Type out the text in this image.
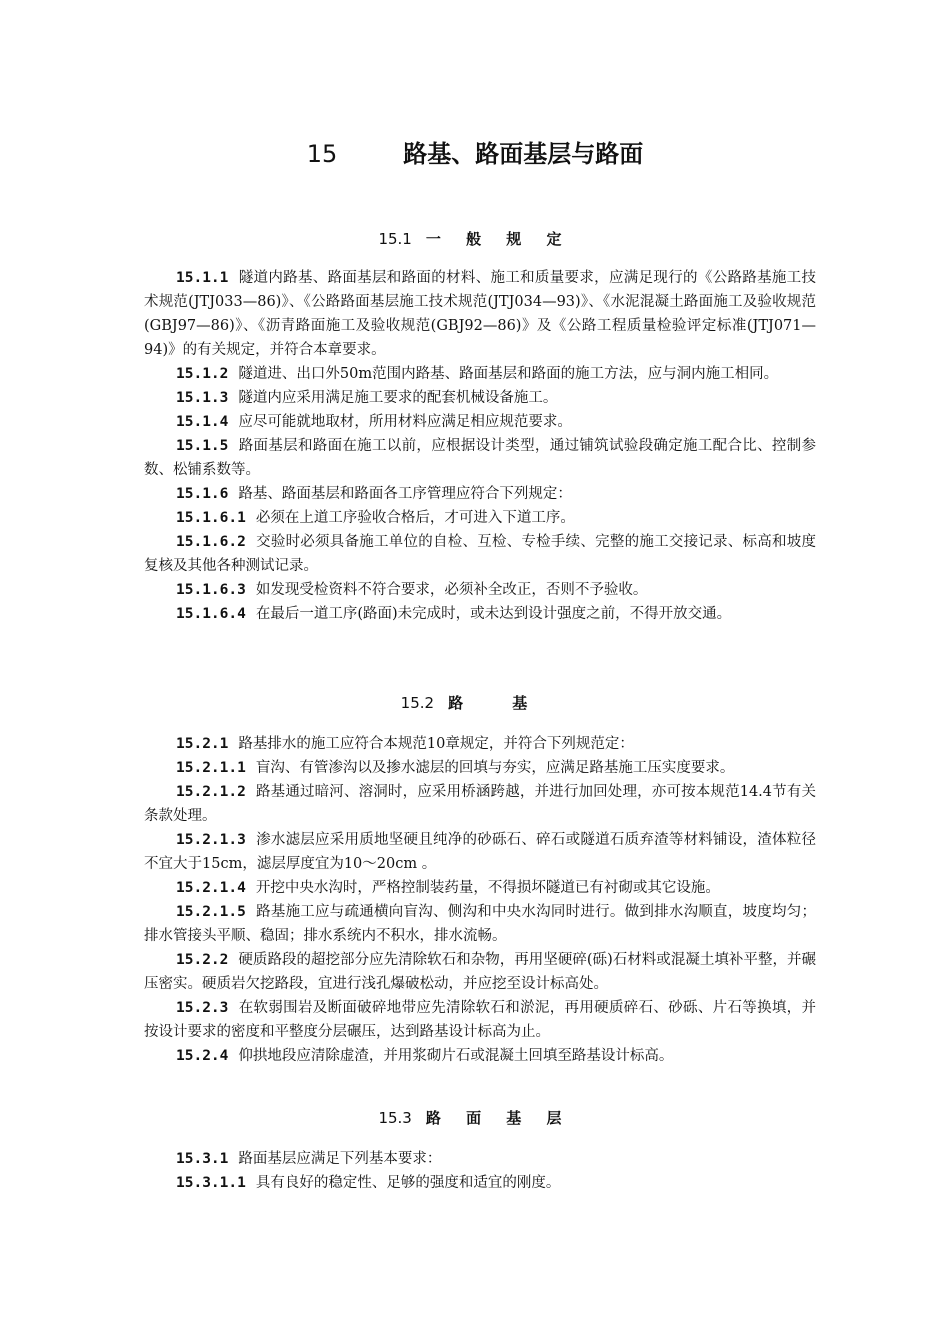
15	路基、路面基层与路面
15.1 一 般 规 定

15.1.1 隧道内路基、路面基层和路面的材料、施工和质量要求，应满足现行的《公路路基施工技术规范(JTJ033—86)》、《公路路面基层施工技术规范(JTJ034—93)》、《水泥混凝土路面施工及验收规范(GBJ97—86)》、《沥青路面施工及验收规范(GBJ92—86)》及《公路工程质量检验评定标准(JTJ071—94)》的有关规定，并符合本章要求。

15.1.2 隧道进、出口外50m范围内路基、路面基层和路面的施工方法，应与洞内施工相同。

15.1.3 隧道内应采用满足施工要求的配套机械设备施工。

15.1.4 应尽可能就地取材，所用材料应满足相应规范要求。

15.1.5 路面基层和路面在施工以前，应根据设计类型，通过铺筑试验段确定施工配合比、控制参数、松铺系数等。

15.1.6 路基、路面基层和路面各工序管理应符合下列规定：

15.1.6.1 必须在上道工序验收合格后，才可进入下道工序。

15.1.6.2 交验时必须具备施工单位的自检、互检、专检手续、完整的施工交接记录、标高和坡度复核及其他各种测试记录。

15.1.6.3 如发现受检资料不符合要求，必须补全改正，否则不予验收。

15.1.6.4 在最后一道工序(路面)未完成时，或未达到设计强度之前，不得开放交通。

15.2 路 基

15.2.1 路基排水的施工应符合本规范10章规定，并符合下列规范定：

15.2.1.1 盲沟、有管渗沟以及掺水滤层的回填与夯实，应满足路基施工压实度要求。

15.2.1.2 路基通过暗河、溶洞时，应采用桥涵跨越，并进行加回处理，亦可按本规范14.4节有关条款处理。

15.2.1.3 渗水滤层应采用质地坚硬且纯净的砂砾石、碎石或隧道石质弃渣等材料铺设，渣体粒径不宜大于15cm，滤层厚度宜为10～20cm 。

15.2.1.4 开挖中央水沟时，严格控制装药量，不得损坏隧道已有衬砌或其它设施。

15.2.1.5 路基施工应与疏通横向盲沟、侧沟和中央水沟同时进行。做到排水沟顺直，坡度均匀；排水管接头平顺、稳固；排水系统内不积水，排水流畅。

15.2.2 硬质路段的超挖部分应先清除软石和杂物，再用坚硬碎(砾)石材料或混凝土填补平整，并碾压密实。硬质岩欠挖路段，宜进行浅孔爆破松动，并应挖至设计标高处。

15.2.3 在软弱围岩及断面破碎地带应先清除软石和淤泥，再用硬质碎石、砂砾、片石等换填，并按设计要求的密度和平整度分层碾压，达到路基设计标高为止。

15.2.4 仰拱地段应清除虚渣，并用浆砌片石或混凝土回填至路基设计标高。

15.3 路 面 基 层

15.3.1 路面基层应满足下列基本要求：

15.3.1.1 具有良好的稳定性、足够的强度和适宜的刚度。
